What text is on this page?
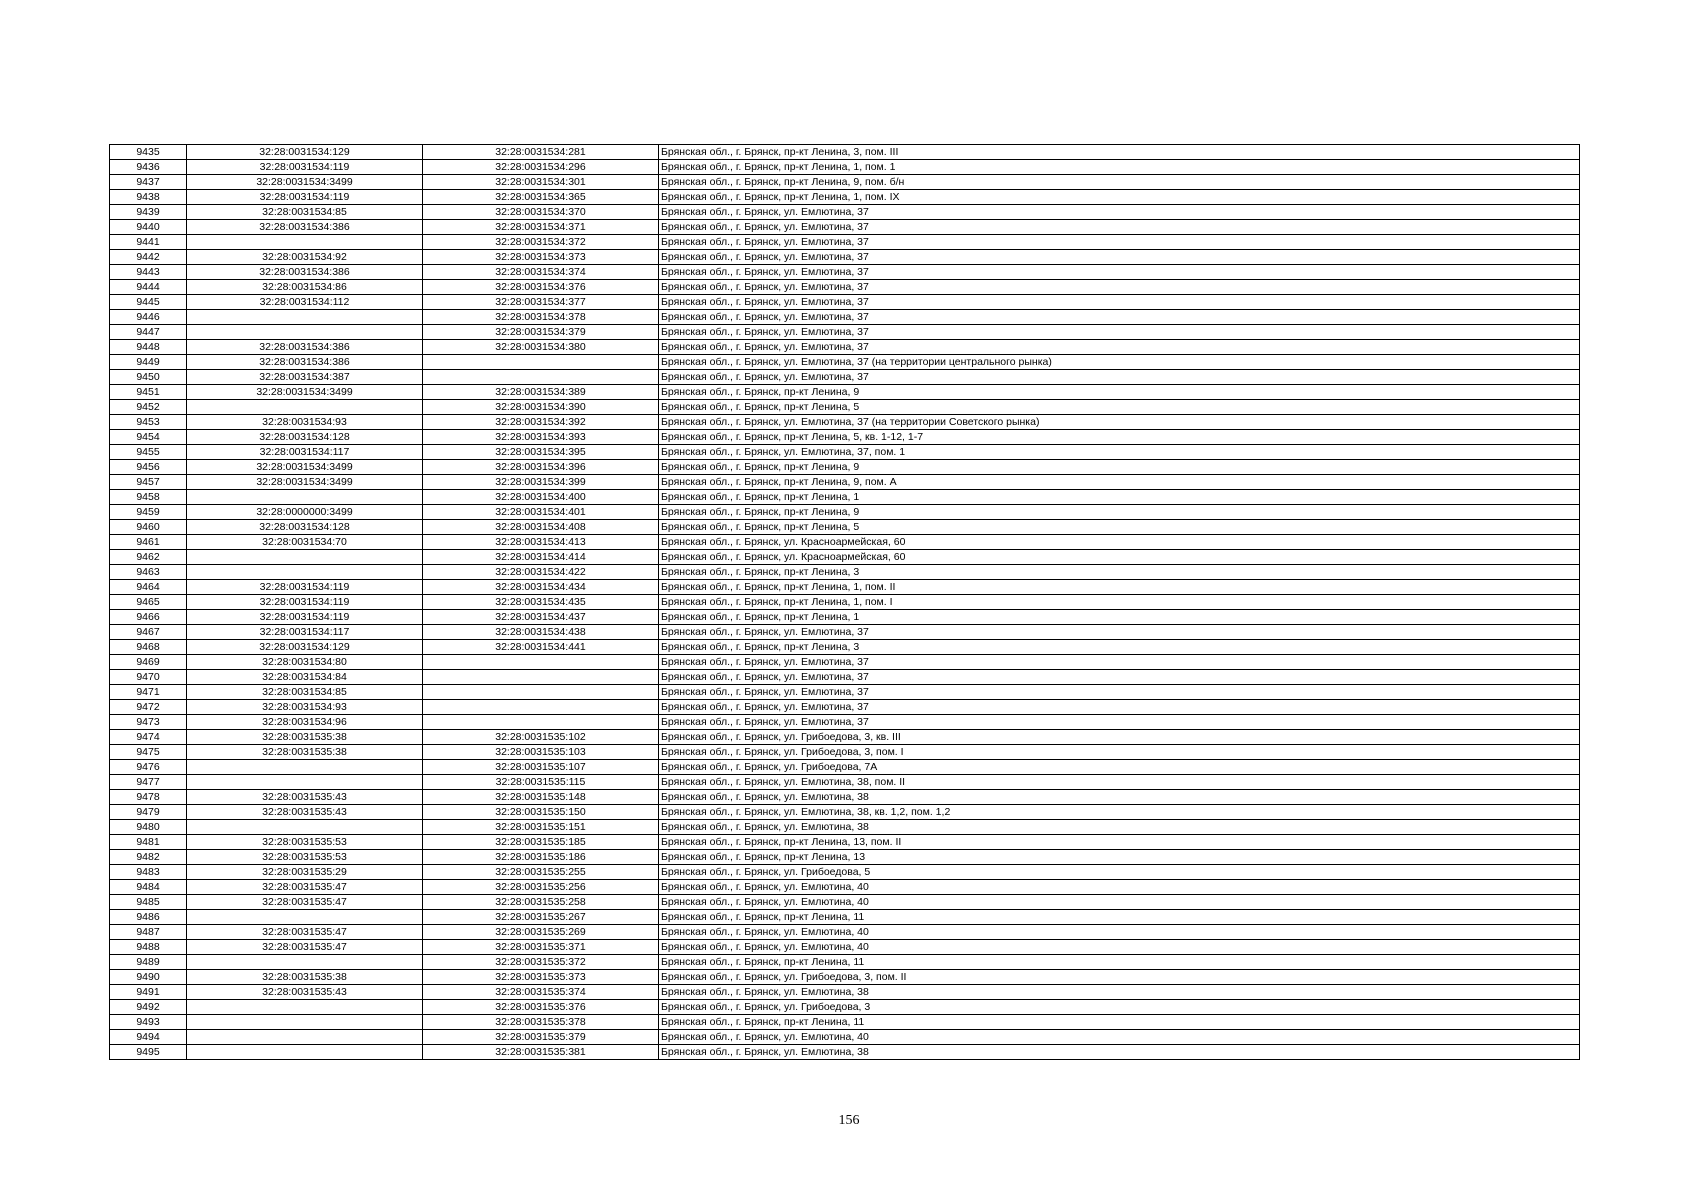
9435	32:28:0031534:129	32:28:0031534:281	Брянская обл., г. Брянск, пр-кт Ленина, 3, пом. III
9436	32:28:0031534:119	32:28:0031534:296	Брянская обл., г. Брянск, пр-кт Ленина, 1, пом. 1
9437	32:28:0031534:3499	32:28:0031534:301	Брянская обл., г. Брянск, пр-кт Ленина, 9, пом. б/н
9438	32:28:0031534:119	32:28:0031534:365	Брянская обл., г. Брянск, пр-кт Ленина, 1, пом. IX
9439	32:28:0031534:85	32:28:0031534:370	Брянская обл., г. Брянск, ул. Емлютина, 37
9440	32:28:0031534:386	32:28:0031534:371	Брянская обл., г. Брянск, ул. Емлютина, 37
9441		32:28:0031534:372	Брянская обл., г. Брянск, ул. Емлютина, 37
9442	32:28:0031534:92	32:28:0031534:373	Брянская обл., г. Брянск, ул. Емлютина, 37
9443	32:28:0031534:386	32:28:0031534:374	Брянская обл., г. Брянск, ул. Емлютина, 37
9444	32:28:0031534:86	32:28:0031534:376	Брянская обл., г. Брянск, ул. Емлютина, 37
9445	32:28:0031534:112	32:28:0031534:377	Брянская обл., г. Брянск, ул. Емлютина, 37
9446		32:28:0031534:378	Брянская обл., г. Брянск, ул. Емлютина, 37
9447		32:28:0031534:379	Брянская обл., г. Брянск, ул. Емлютина, 37
9448	32:28:0031534:386	32:28:0031534:380	Брянская обл., г. Брянск, ул. Емлютина, 37
9449	32:28:0031534:386		Брянская обл., г. Брянск, ул. Емлютина, 37 (на территории центрального рынка)
9450	32:28:0031534:387		Брянская обл., г. Брянск, ул. Емлютина, 37
9451	32:28:0031534:3499	32:28:0031534:389	Брянская обл., г. Брянск, пр-кт Ленина, 9
9452		32:28:0031534:390	Брянская обл., г. Брянск, пр-кт Ленина, 5
9453	32:28:0031534:93	32:28:0031534:392	Брянская обл., г. Брянск, ул. Емлютина, 37 (на территории Советского рынка)
9454	32:28:0031534:128	32:28:0031534:393	Брянская обл., г. Брянск, пр-кт Ленина, 5, кв. 1-12, 1-7
9455	32:28:0031534:117	32:28:0031534:395	Брянская обл., г. Брянск, ул. Емлютина, 37, пом. 1
9456	32:28:0031534:3499	32:28:0031534:396	Брянская обл., г. Брянск, пр-кт Ленина, 9
9457	32:28:0031534:3499	32:28:0031534:399	Брянская обл., г. Брянск, пр-кт Ленина, 9, пом. А
9458		32:28:0031534:400	Брянская обл., г. Брянск, пр-кт Ленина, 1
9459	32:28:0000000:3499	32:28:0031534:401	Брянская обл., г. Брянск, пр-кт Ленина, 9
9460	32:28:0031534:128	32:28:0031534:408	Брянская обл., г. Брянск, пр-кт Ленина, 5
9461	32:28:0031534:70	32:28:0031534:413	Брянская обл., г. Брянск, ул. Красноармейская, 60
9462		32:28:0031534:414	Брянская обл., г. Брянск, ул. Красноармейская, 60
9463		32:28:0031534:422	Брянская обл., г. Брянск, пр-кт Ленина, 3
9464	32:28:0031534:119	32:28:0031534:434	Брянская обл., г. Брянск, пр-кт Ленина, 1, пом. II
9465	32:28:0031534:119	32:28:0031534:435	Брянская обл., г. Брянск, пр-кт Ленина, 1, пом. I
9466	32:28:0031534:119	32:28:0031534:437	Брянская обл., г. Брянск, пр-кт Ленина, 1
9467	32:28:0031534:117	32:28:0031534:438	Брянская обл., г. Брянск, ул. Емлютина, 37
9468	32:28:0031534:129	32:28:0031534:441	Брянская обл., г. Брянск, пр-кт Ленина, 3
9469	32:28:0031534:80		Брянская обл., г. Брянск, ул. Емлютина, 37
9470	32:28:0031534:84		Брянская обл., г. Брянск, ул. Емлютина, 37
9471	32:28:0031534:85		Брянская обл., г. Брянск, ул. Емлютина, 37
9472	32:28:0031534:93		Брянская обл., г. Брянск, ул. Емлютина, 37
9473	32:28:0031534:96		Брянская обл., г. Брянск, ул. Емлютина, 37
9474	32:28:0031535:38	32:28:0031535:102	Брянская обл., г. Брянск, ул. Грибоедова, 3, кв. III
9475	32:28:0031535:38	32:28:0031535:103	Брянская обл., г. Брянск, ул. Грибоедова, 3, пом. I
9476		32:28:0031535:107	Брянская обл., г. Брянск, ул. Грибоедова, 7А
9477		32:28:0031535:115	Брянская обл., г. Брянск, ул. Емлютина, 38, пом. II
9478	32:28:0031535:43	32:28:0031535:148	Брянская обл., г. Брянск, ул. Емлютина, 38
9479	32:28:0031535:43	32:28:0031535:150	Брянская обл., г. Брянск, ул. Емлютина, 38, кв. 1,2, пом. 1,2
9480		32:28:0031535:151	Брянская обл., г. Брянск, ул. Емлютина, 38
9481	32:28:0031535:53	32:28:0031535:185	Брянская обл., г. Брянск, пр-кт Ленина, 13, пом. II
9482	32:28:0031535:53	32:28:0031535:186	Брянская обл., г. Брянск, пр-кт Ленина, 13
9483	32:28:0031535:29	32:28:0031535:255	Брянская обл., г. Брянск, ул. Грибоедова, 5
9484	32:28:0031535:47	32:28:0031535:256	Брянская обл., г. Брянск, ул. Емлютина, 40
9485	32:28:0031535:47	32:28:0031535:258	Брянская обл., г. Брянск, ул. Емлютина, 40
9486		32:28:0031535:267	Брянская обл., г. Брянск, пр-кт Ленина, 11
9487	32:28:0031535:47	32:28:0031535:269	Брянская обл., г. Брянск, ул. Емлютина, 40
9488	32:28:0031535:47	32:28:0031535:371	Брянская обл., г. Брянск, ул. Емлютина, 40
9489		32:28:0031535:372	Брянская обл., г. Брянск, пр-кт Ленина, 11
9490	32:28:0031535:38	32:28:0031535:373	Брянская обл., г. Брянск, ул. Грибоедова, 3, пом. II
9491	32:28:0031535:43	32:28:0031535:374	Брянская обл., г. Брянск, ул. Емлютина, 38
9492		32:28:0031535:376	Брянская обл., г. Брянск, ул. Грибоедова, 3
9493		32:28:0031535:378	Брянская обл., г. Брянск, пр-кт Ленина, 11
9494		32:28:0031535:379	Брянская обл., г. Брянск, ул. Емлютина, 40
9495		32:28:0031535:381	Брянская обл., г. Брянск, ул. Емлютина, 38
156
